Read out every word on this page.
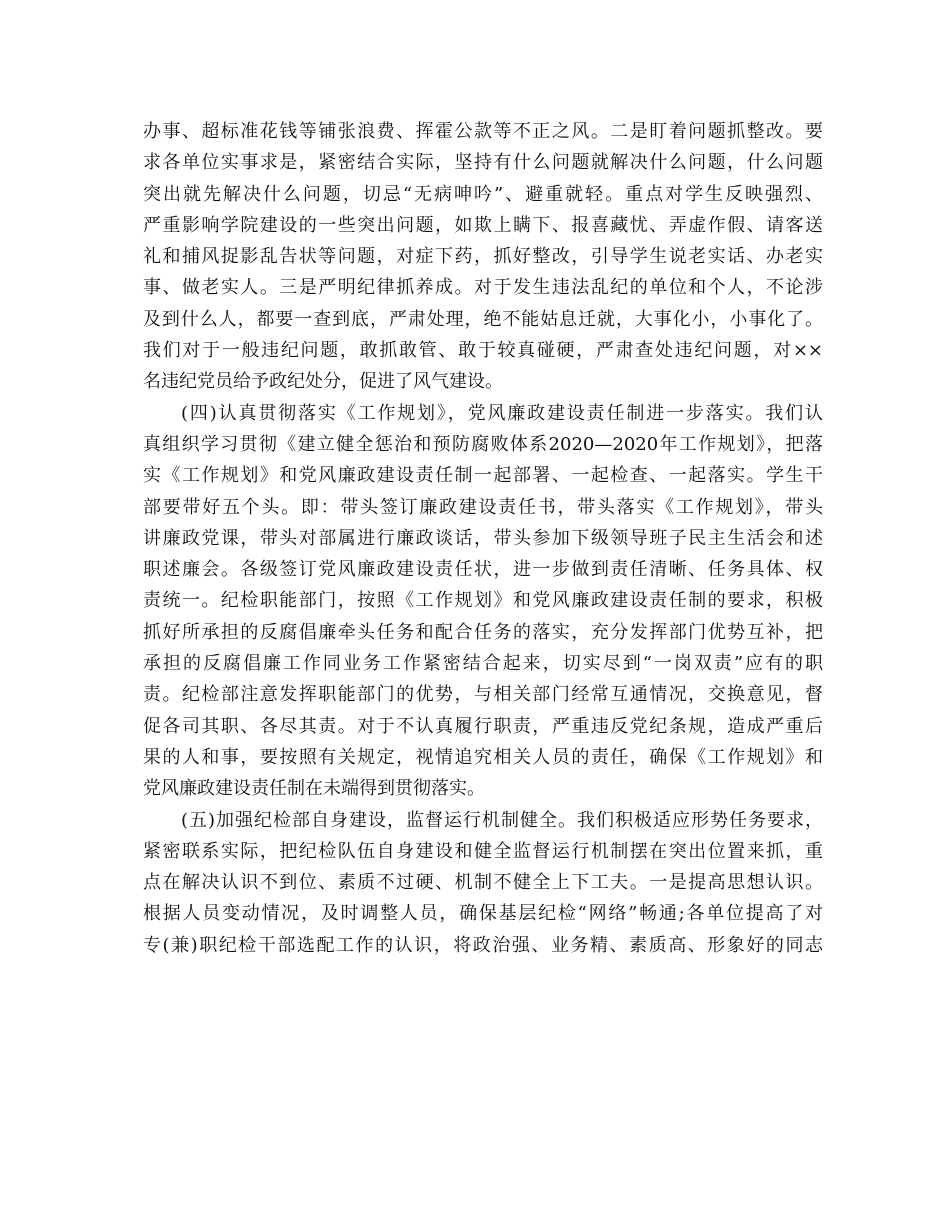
办事、超标准花钱等铺张浪费、挥霍公款等不正之风。二是盯着问题抓整改。要
求各单位实事求是，紧密结合实际，坚持有什么问题就解决什么问题，什么问题
突出就先解决什么问题，切忌“无病呻吟”、避重就轻。重点对学生反映强烈、
严重影响学院建设的一些突出问题，如欺上瞒下、报喜藏忧、弄虚作假、请客送
礼和捕风捉影乱告状等问题，对症下药，抓好整改，引导学生说老实话、办老实
事、做老实人。三是严明纪律抓养成。对于发生违法乱纪的单位和个人，不论涉
及到什么人，都要一查到底，严肃处理，绝不能姑息迁就，大事化小，小事化了。
我们对于一般违纪问题，敢抓敢管、敢于较真碰硬，严肃查处违纪问题，对××
名违纪党员给予政纪处分，促进了风气建设。
(四)认真贯彻落实《工作规划》，党风廉政建设责任制进一步落实。我们认
真组织学习贯彻《建立健全惩治和预防腐败体系2020—2020年工作规划》，把落
实《工作规划》和党风廉政建设责任制一起部署、一起检查、一起落实。学生干
部要带好五个头。即：带头签订廉政建设责任书，带头落实《工作规划》，带头
讲廉政党课，带头对部属进行廉政谈话，带头参加下级领导班子民主生活会和述
职述廉会。各级签订党风廉政建设责任状，进一步做到责任清晰、任务具体、权
责统一。纪检职能部门，按照《工作规划》和党风廉政建设责任制的要求，积极
抓好所承担的反腐倡廉牵头任务和配合任务的落实，充分发挥部门优势互补，把
承担的反腐倡廉工作同业务工作紧密结合起来，切实尽到“一岗双责”应有的职
责。纪检部注意发挥职能部门的优势，与相关部门经常互通情况，交换意见，督
促各司其职、各尽其责。对于不认真履行职责，严重违反党纪条规，造成严重后
果的人和事，要按照有关规定，视情追究相关人员的责任，确保《工作规划》和
党风廉政建设责任制在未端得到贯彻落实。
(五)加强纪检部自身建设，监督运行机制健全。我们积极适应形势任务要求，
紧密联系实际，把纪检队伍自身建设和健全监督运行机制摆在突出位置来抓，重
点在解决认识不到位、素质不过硬、机制不健全上下工夫。一是提高思想认识。
根据人员变动情况，及时调整人员，确保基层纪检“网络”畅通;各单位提高了对
专(兼)职纪检干部选配工作的认识，将政治强、业务精、素质高、形象好的同志
